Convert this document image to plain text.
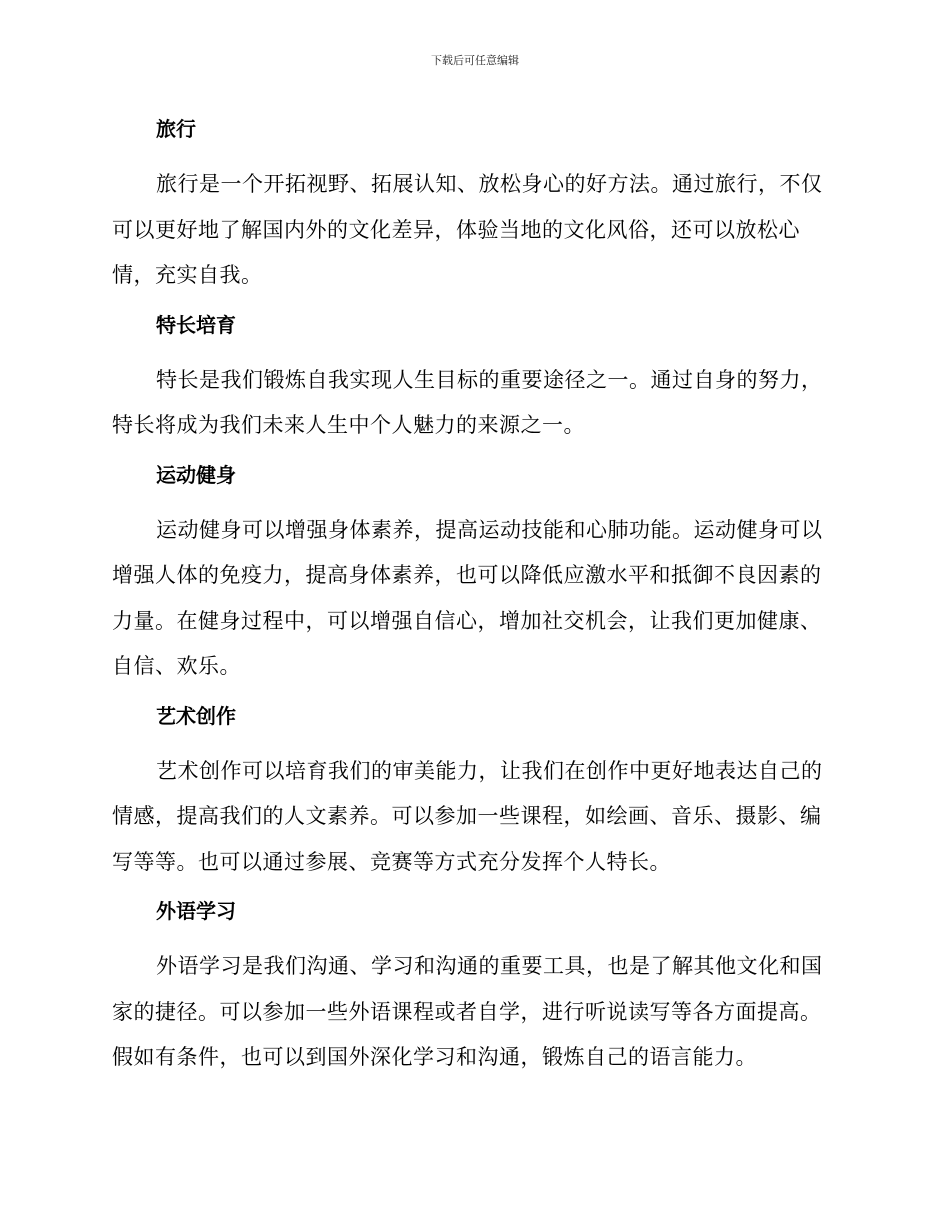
下载后可任意编辑
旅行
旅行是一个开拓视野、拓展认知、放松身心的好方法。通过旅行，不仅
可以更好地了解国内外的文化差异，体验当地的文化风俗，还可以放松心
情，充实自我。
特长培育
特长是我们锻炼自我实现人生目标的重要途径之一。通过自身的努力，
特长将成为我们未来人生中个人魅力的来源之一。
运动健身
运动健身可以增强身体素养，提高运动技能和心肺功能。运动健身可以
增强人体的免疫力，提高身体素养，也可以降低应激水平和抵御不良因素的
力量。在健身过程中，可以增强自信心，增加社交机会，让我们更加健康、
自信、欢乐。
艺术创作
艺术创作可以培育我们的审美能力，让我们在创作中更好地表达自己的
情感，提高我们的人文素养。可以参加一些课程，如绘画、音乐、摄影、编
写等等。也可以通过参展、竞赛等方式充分发挥个人特长。
外语学习
外语学习是我们沟通、学习和沟通的重要工具，也是了解其他文化和国
家的捷径。可以参加一些外语课程或者自学，进行听说读写等各方面提高。
假如有条件，也可以到国外深化学习和沟通，锻炼自己的语言能力。
